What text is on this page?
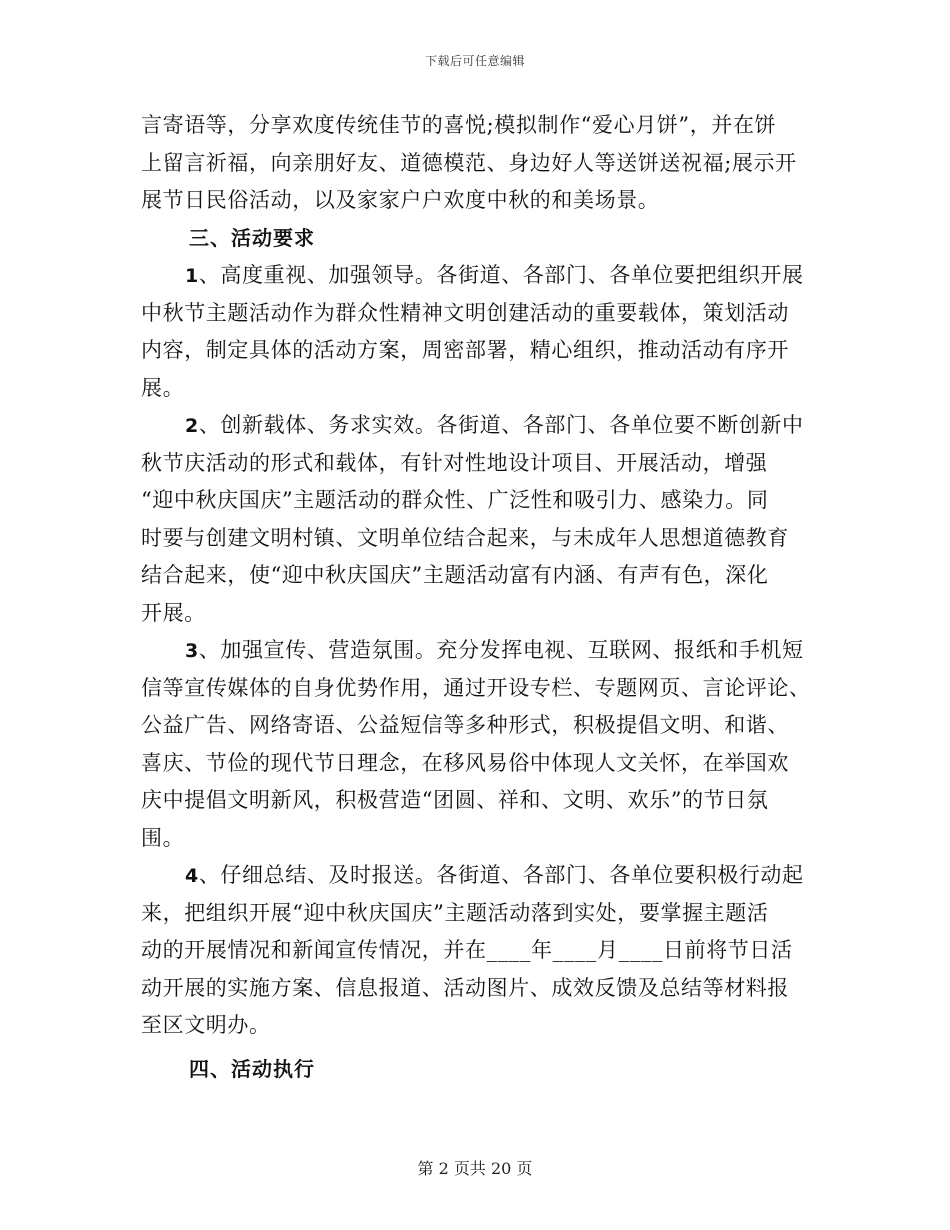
下载后可任意编辑
言寄语等，分享欢度传统佳节的喜悦;模拟制作“爱心月饼”，并在饼
上留言祈福，向亲朋好友、道德模范、身边好人等送饼送祝福;展示开
展节日民俗活动，以及家家户户欢度中秋的和美场景。
三、活动要求
1、高度重视、加强领导。各街道、各部门、各单位要把组织开展
中秋节主题活动作为群众性精神文明创建活动的重要载体，策划活动
内容，制定具体的活动方案，周密部署，精心组织，推动活动有序开
展。
2、创新载体、务求实效。各街道、各部门、各单位要不断创新中
秋节庆活动的形式和载体，有针对性地设计项目、开展活动，增强
“迎中秋庆国庆”主题活动的群众性、广泛性和吸引力、感染力。同
时要与创建文明村镇、文明单位结合起来，与未成年人思想道德教育
结合起来，使“迎中秋庆国庆”主题活动富有内涵、有声有色，深化
开展。
3、加强宣传、营造氛围。充分发挥电视、互联网、报纸和手机短
信等宣传媒体的自身优势作用，通过开设专栏、专题网页、言论评论、
公益广告、网络寄语、公益短信等多种形式，积极提倡文明、和谐、
喜庆、节俭的现代节日理念，在移风易俗中体现人文关怀，在举国欢
庆中提倡文明新风，积极营造“团圆、祥和、文明、欢乐”的节日氛
围。
4、仔细总结、及时报送。各街道、各部门、各单位要积极行动起
来，把组织开展“迎中秋庆国庆”主题活动落到实处，要掌握主题活
动的开展情况和新闻宣传情况，并在____年____月____日前将节日活
动开展的实施方案、信息报道、活动图片、成效反馈及总结等材料报
至区文明办。
四、活动执行
第 2 页共 20 页
